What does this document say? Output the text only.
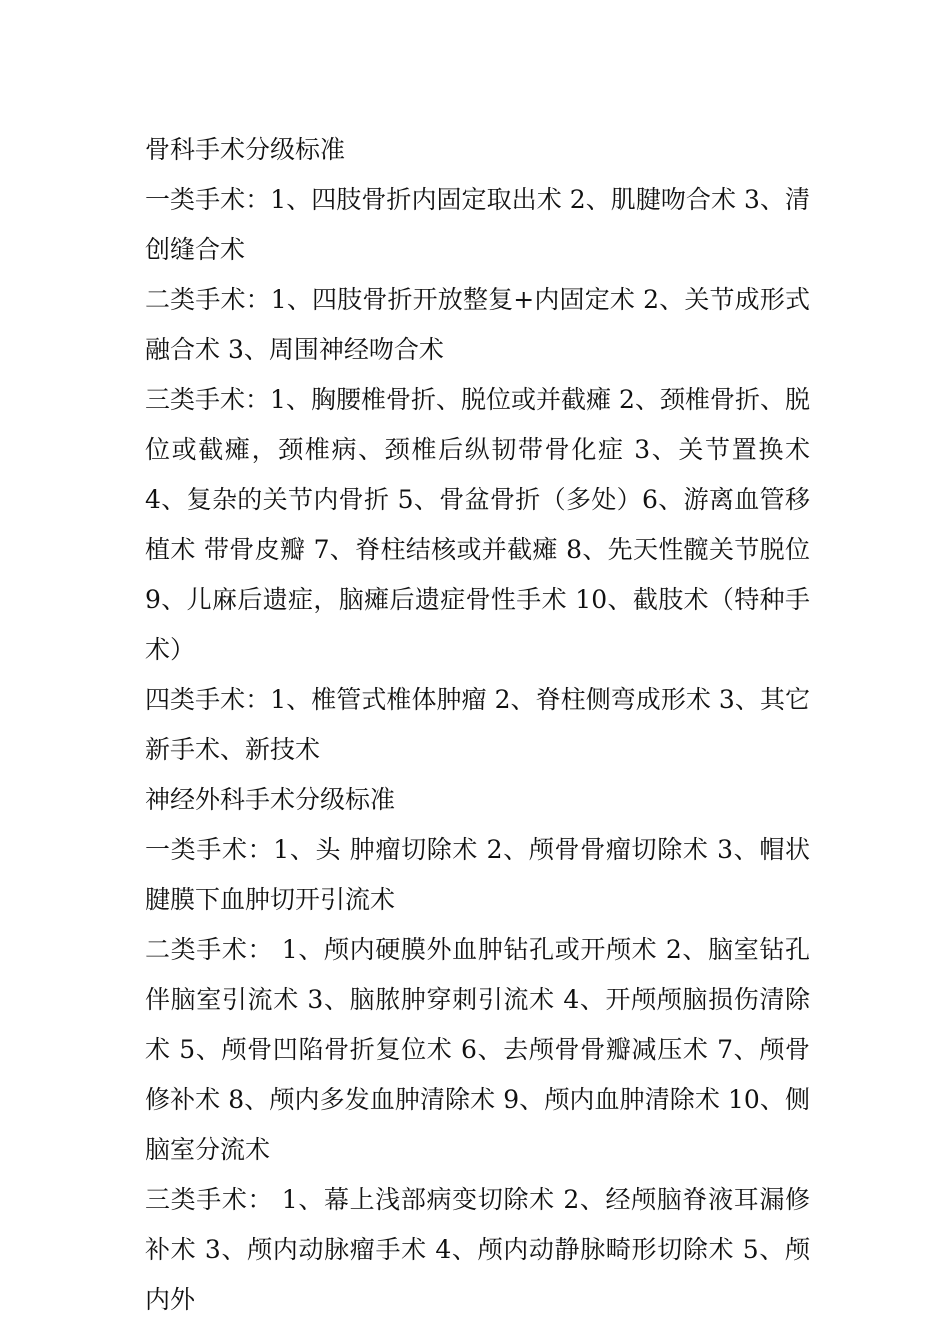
骨科手术分级标准

一类手术：1、四肢骨折内固定取出术 2、肌腱吻合术 3、清创缝合术

二类手术：1、四肢骨折开放整复+内固定术 2、关节成形式融合术 3、周围神经吻合术

三类手术：1、胸腰椎骨折、脱位或并截瘫 2、颈椎骨折、脱位或截瘫，颈椎病、颈椎后纵韧带骨化症 3、关节置换术 4、复杂的关节内骨折 5、骨盆骨折（多处）6、游离血管移植术 带骨皮瓣 7、脊柱结核或并截瘫 8、先天性髋关节脱位 9、儿麻后遗症，脑瘫后遗症骨性手术 10、截肢术（特种手术）

四类手术：1、椎管式椎体肿瘤 2、脊柱侧弯成形术 3、其它新手术、新技术

神经外科手术分级标准

一类手术：1、头 肿瘤切除术 2、颅骨骨瘤切除术 3、帽状腱膜下血肿切开引流术

二类手术： 1、颅内硬膜外血肿钻孔或开颅术 2、脑室钻孔伴脑室引流术 3、脑脓肿穿刺引流术 4、开颅颅脑损伤清除术 5、颅骨凹陷骨折复位术 6、去颅骨骨瓣减压术 7、颅骨修补术 8、颅内多发血肿清除术 9、颅内血肿清除术 10、侧脑室分流术

三类手术： 1、幕上浅部病变切除术 2、经颅脑脊液耳漏修补术 3、颅内动脉瘤手术 4、颅内动静脉畸形切除术 5、颅内外
